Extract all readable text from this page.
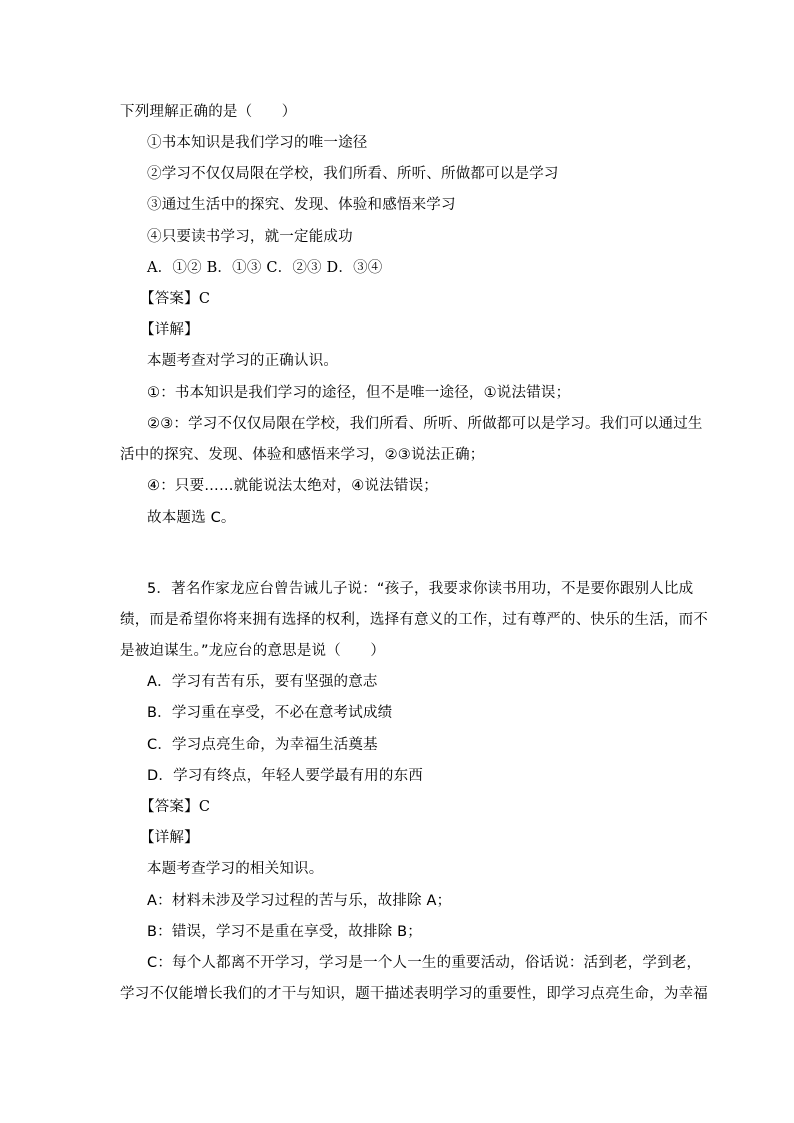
下列理解正确的是（　　）
①书本知识是我们学习的唯一途径
②学习不仅仅局限在学校，我们所看、所听、所做都可以是学习
③通过生活中的探究、发现、体验和感悟来学习
④只要读书学习，就一定能成功
A．①② B．①③ C．②③ D．③④
【答案】C
【详解】
本题考查对学习的正确认识。
①：书本知识是我们学习的途径，但不是唯一途径，①说法错误；
②③：学习不仅仅局限在学校，我们所看、所听、所做都可以是学习。我们可以通过生
活中的探究、发现、体验和感悟来学习，②③说法正确；
④：只要……就能说法太绝对，④说法错误；
故本题选 C。
5．著名作家龙应台曾告诫儿子说：“孩子，我要求你读书用功，不是要你跟别人比成
绩，而是希望你将来拥有选择的权利，选择有意义的工作，过有尊严的、快乐的生活，而不
是被迫谋生。”龙应台的意思是说（　　）
A．学习有苦有乐，要有坚强的意志
B．学习重在享受，不必在意考试成绩
C．学习点亮生命，为幸福生活奠基
D．学习有终点，年轻人要学最有用的东西
【答案】C
【详解】
本题考查学习的相关知识。
A：材料未涉及学习过程的苦与乐，故排除 A；
B：错误，学习不是重在享受，故排除 B；
C：每个人都离不开学习，学习是一个人一生的重要活动，俗话说：活到老，学到老，
学习不仅能增长我们的才干与知识，题干描述表明学习的重要性，即学习点亮生命，为幸福
